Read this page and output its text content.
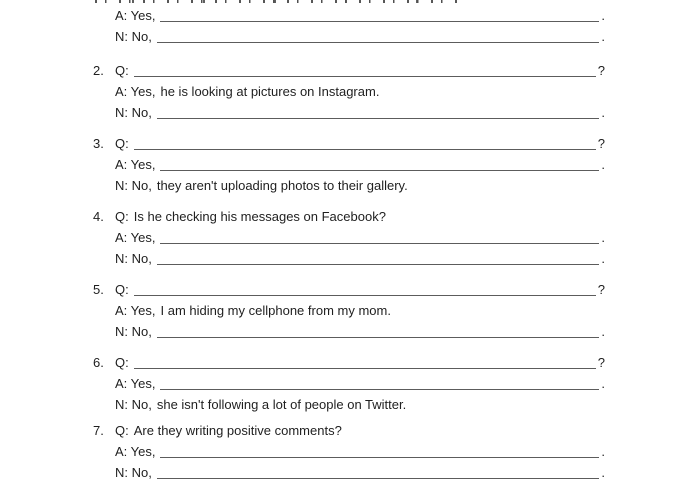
A: Yes,	.
N: No,	.
2. Q:	?
A: Yes, he is looking at pictures on Instagram.
N: No,	.
3. Q:	?
A: Yes,	.
N: No, they aren't uploading photos to their gallery.
4. Q: Is he checking his messages on Facebook?
A: Yes,	.
N: No,	.
5. Q:	?
A: Yes, I am hiding my cellphone from my mom.
N: No,	.
6. Q:	?
A: Yes,	.
N: No, she isn't following a lot of people on Twitter.
7. Q: Are they writing positive comments?
A: Yes,	.
N: No,	.
